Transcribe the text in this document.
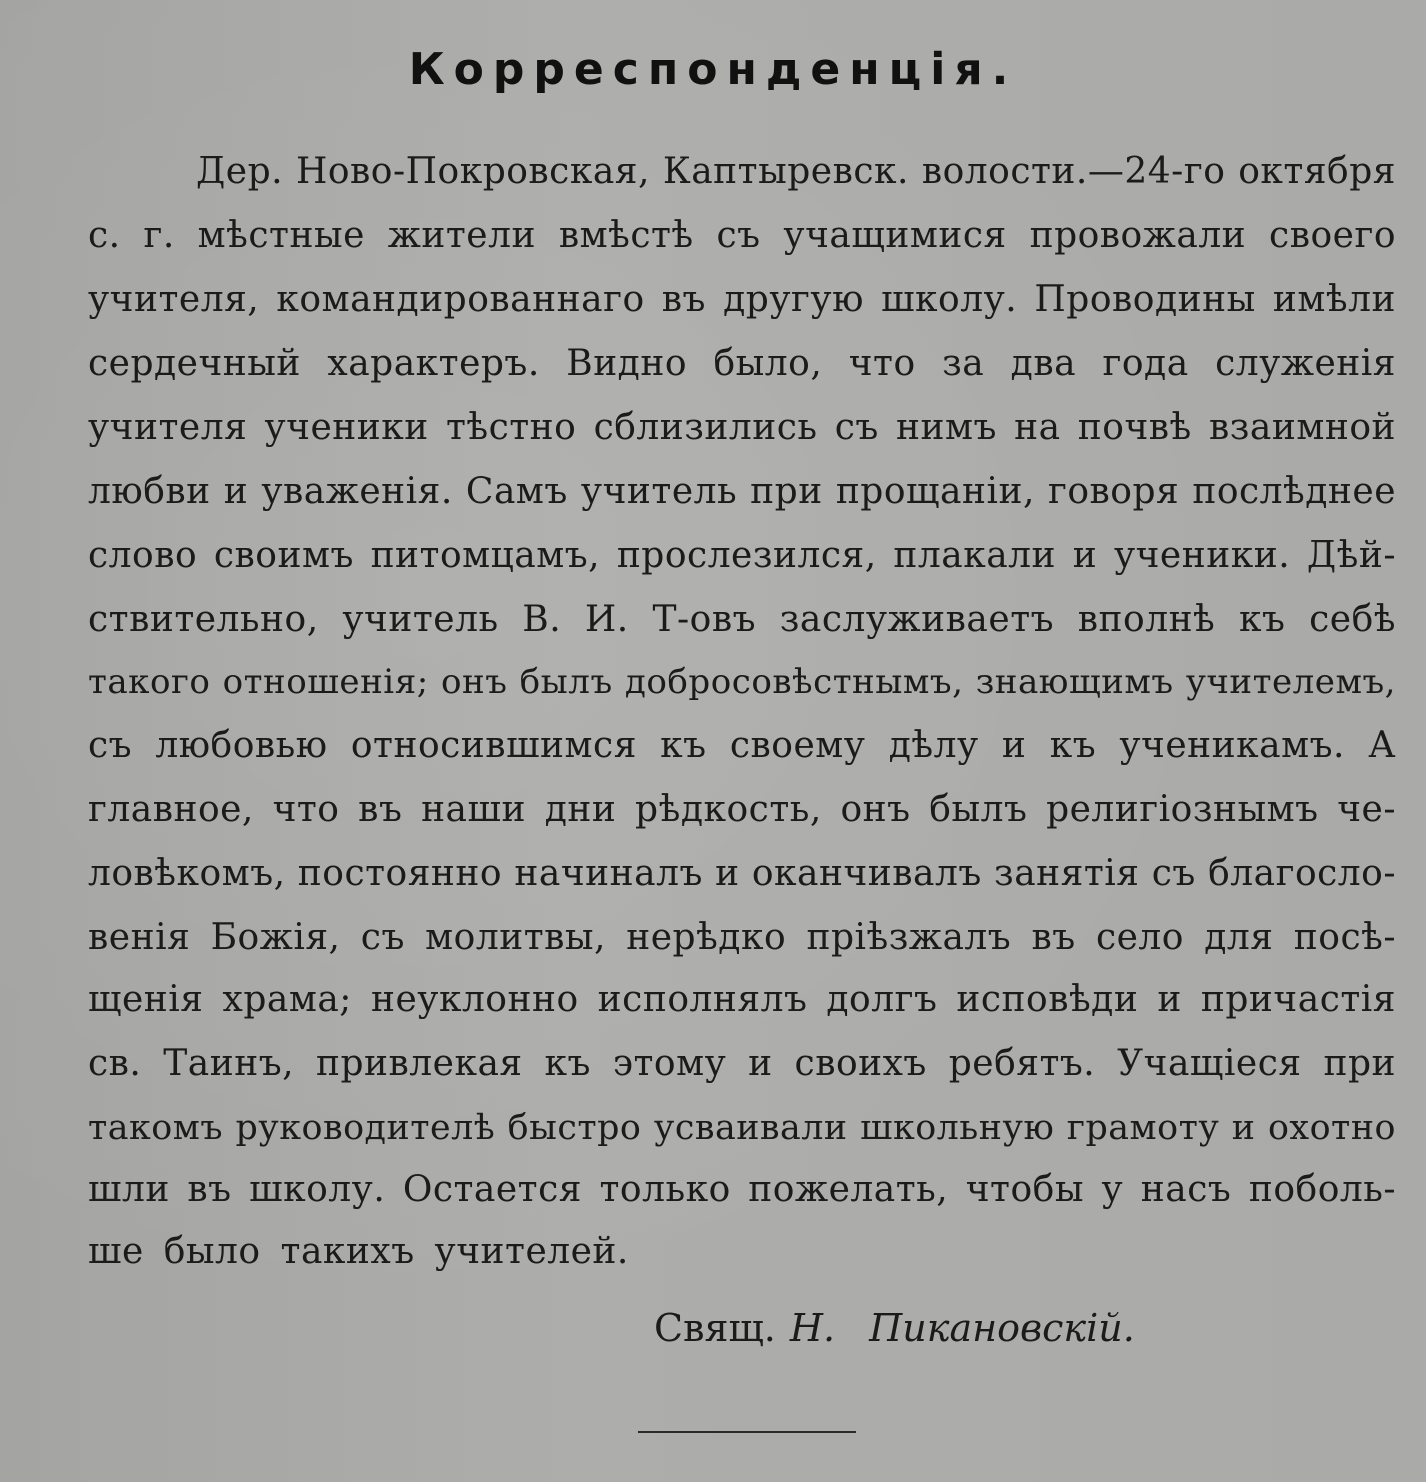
Корреспонденція.
Дер. Ново-Покровская, Каптыревск. волости.—24-го октября
с. г. мѣстные жители вмѣстѣ съ учащимися провожали своего
учителя, командированнаго въ другую школу. Проводины имѣли
сердечный характеръ. Видно было, что за два года служенія
учителя ученики тѣстно сблизились съ нимъ на почвѣ взаимной
любви и уваженія. Самъ учитель при прощаніи, говоря послѣднее
слово своимъ питомцамъ, прослезился, плакали и ученики. Дѣй-
ствительно, учитель В. И. Т-овъ заслуживаетъ вполнѣ къ себѣ
такого отношенія; онъ былъ добросовѣстнымъ, знающимъ учителемъ,
съ любовью относившимся къ своему дѣлу и къ ученикамъ. А
главное, что въ наши дни рѣдкость, онъ былъ религіознымъ че-
ловѣкомъ, постоянно начиналъ и оканчивалъ занятія съ благосло-
венія Божія, съ молитвы, нерѣдко пріѣзжалъ въ село для посѣ-
щенія храма; неуклонно исполнялъ долгъ исповѣди и причастія
св. Таинъ, привлекая къ этому и своихъ ребятъ. Учащіеся при
такомъ руководителѣ быстро усваивали школьную грамоту и охотно
шли въ школу. Остается только пожелать, чтобы у насъ поболь-
ше было такихъ учителей.
Свящ. Н. Пикановскій.
